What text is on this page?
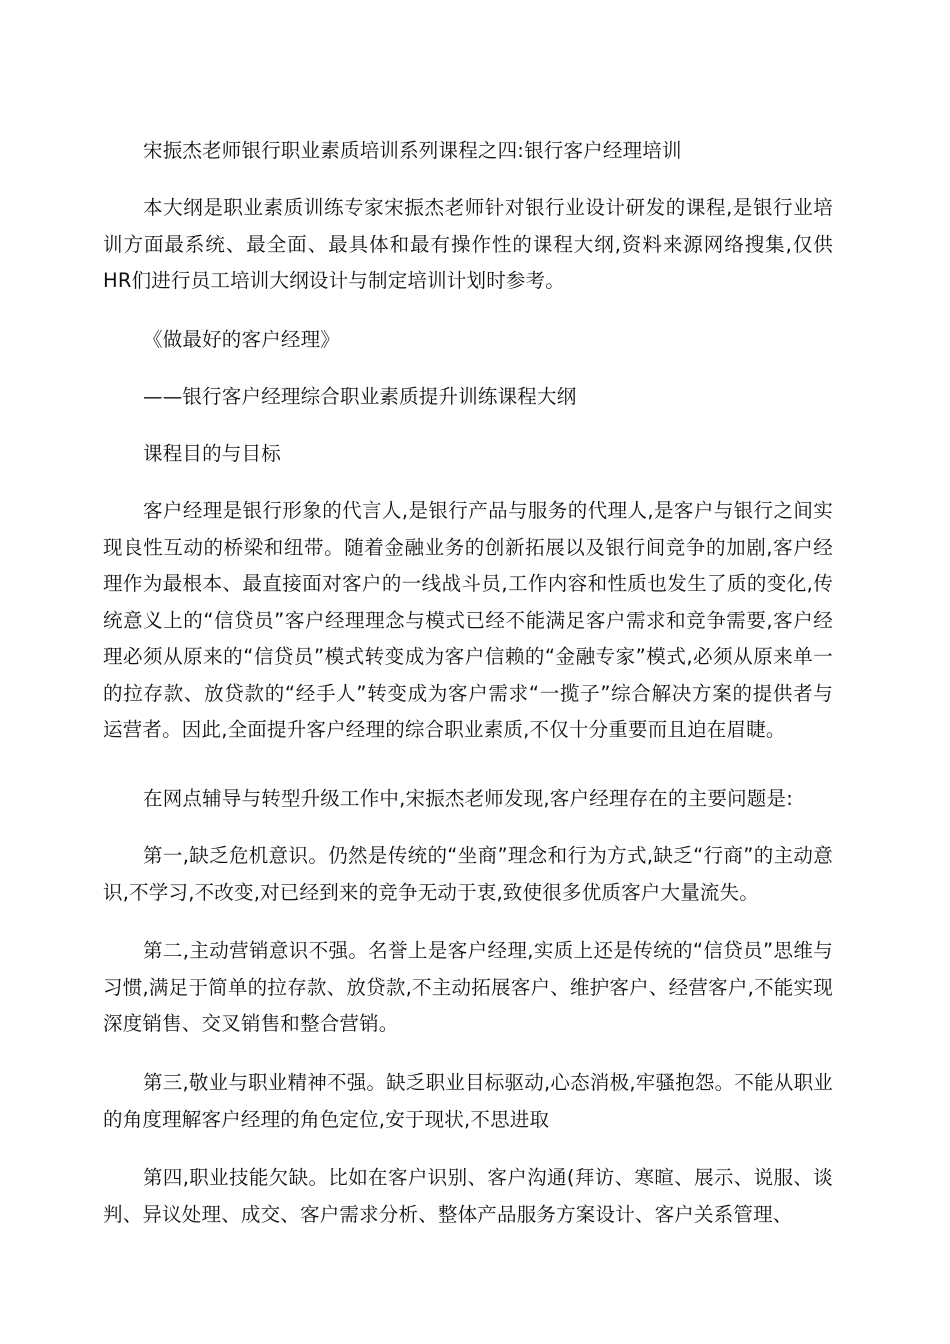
宋振杰老师银行职业素质培训系列课程之四:银行客户经理培训

本大纲是职业素质训练专家宋振杰老师针对银行业设计研发的课程,是银行业培训方面最系统、最全面、最具体和最有操作性的课程大纲,资料来源网络搜集,仅供HR们进行员工培训大纲设计与制定培训计划时参考。

《做最好的客户经理》

——银行客户经理综合职业素质提升训练课程大纲

课程目的与目标

客户经理是银行形象的代言人,是银行产品与服务的代理人,是客户与银行之间实现良性互动的桥梁和纽带。随着金融业务的创新拓展以及银行间竞争的加剧,客户经理作为最根本、最直接面对客户的一线战斗员,工作内容和性质也发生了质的变化,传统意义上的“信贷员”客户经理理念与模式已经不能满足客户需求和竞争需要,客户经理必须从原来的“信贷员”模式转变成为客户信赖的“金融专家”模式,必须从原来单一的拉存款、放贷款的“经手人”转变成为客户需求“一揽子”综合解决方案的提供者与运营者。因此,全面提升客户经理的综合职业素质,不仅十分重要而且迫在眉睫。

在网点辅导与转型升级工作中,宋振杰老师发现,客户经理存在的主要问题是:

第一,缺乏危机意识。仍然是传统的“坐商”理念和行为方式,缺乏“行商”的主动意识,不学习,不改变,对已经到来的竞争无动于衷,致使很多优质客户大量流失。

第二,主动营销意识不强。名誉上是客户经理,实质上还是传统的“信贷员”思维与习惯,满足于简单的拉存款、放贷款,不主动拓展客户、维护客户、经营客户,不能实现深度销售、交叉销售和整合营销。

第三,敬业与职业精神不强。缺乏职业目标驱动,心态消极,牢骚抱怨。不能从职业的角度理解客户经理的角色定位,安于现状,不思进取

第四,职业技能欠缺。比如在客户识别、客户沟通(拜访、寒暄、展示、说服、谈判、异议处理、成交、客户需求分析、整体产品服务方案设计、客户关系管理、
